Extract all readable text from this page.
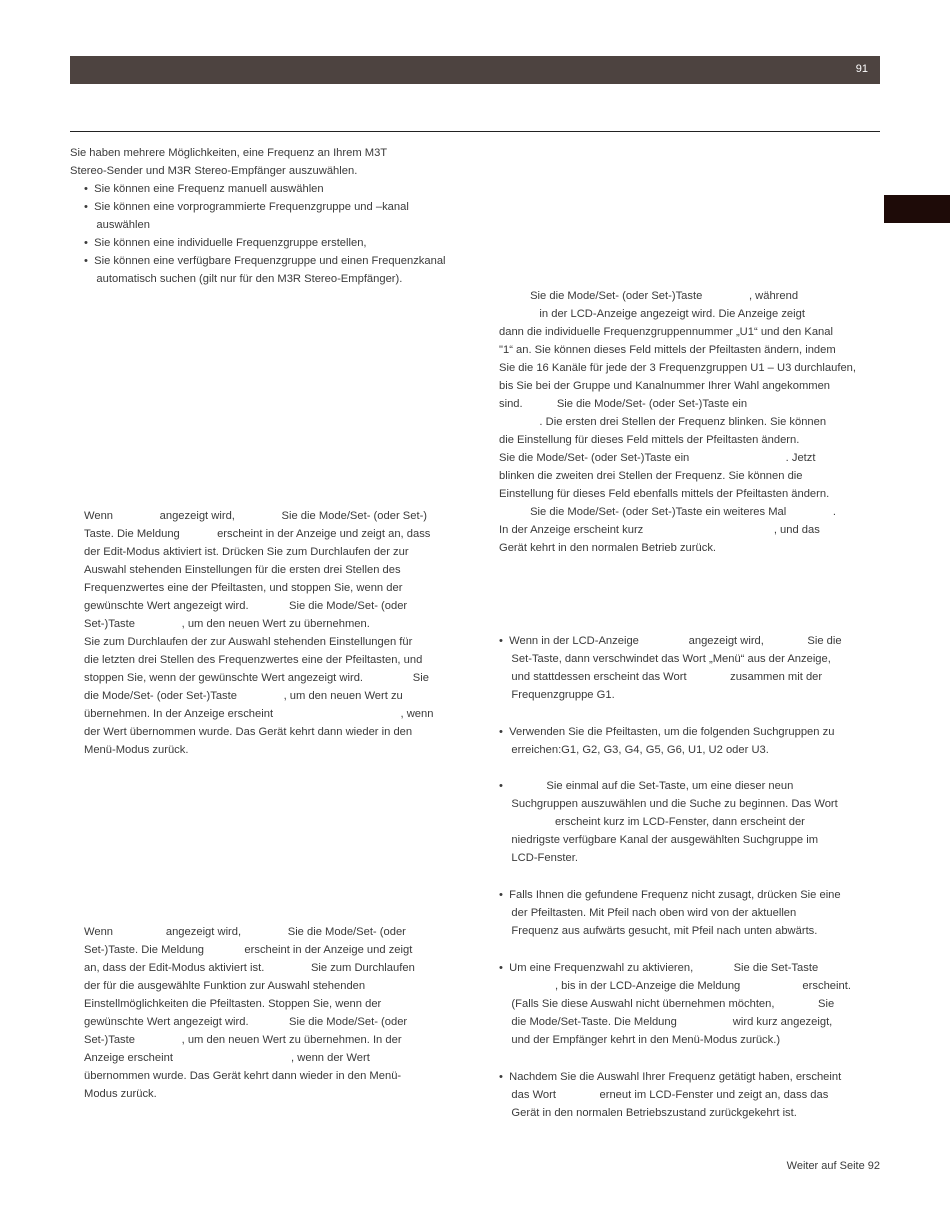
91

Sie haben mehrere Möglichkeiten, eine Frequenz an Ihrem M3T

Stereo-Sender und M3R Stereo-Empfänger auszuwählen.

•  Sie können eine Frequenz manuell auswählen

•  Sie können eine vorprogrammierte Frequenzgruppe und –kanal

auswählen

•  Sie können eine individuelle Frequenzgruppe erstellen,

•  Sie können eine verfügbare Frequenzgruppe und einen Frequenzkanal

automatisch suchen (gilt nur für den M3R Stereo-Empfänger).

Wenn               angezeigt wird,               Sie die Mode/Set- (oder Set-)

Taste. Die Meldung            erscheint in der Anzeige und zeigt an, dass

der Edit-Modus aktiviert ist. Drücken Sie zum Durchlaufen der zur

Auswahl stehenden Einstellungen für die ersten drei Stellen des

Frequenzwertes eine der Pfeiltasten, und stoppen Sie, wenn der

gewünschte Wert angezeigt wird.             Sie die Mode/Set- (oder

Set-)Taste               , um den neuen Wert zu übernehmen.

Sie zum Durchlaufen der zur Auswahl stehenden Einstellungen für

die letzten drei Stellen des Frequenzwertes eine der Pfeiltasten, und

stoppen Sie, wenn der gewünschte Wert angezeigt wird.                Sie

die Mode/Set- (oder Set-)Taste               , um den neuen Wert zu

übernehmen. In der Anzeige erscheint                                         , wenn

der Wert übernommen wurde. Das Gerät kehrt dann wieder in den

Menü-Modus zurück.

Wenn                 angezeigt wird,               Sie die Mode/Set- (oder

Set-)Taste. Die Meldung             erscheint in der Anzeige und zeigt

an, dass der Edit-Modus aktiviert ist.               Sie zum Durchlaufen

der für die ausgewählte Funktion zur Auswahl stehenden

Einstellmöglichkeiten die Pfeiltasten. Stoppen Sie, wenn der

gewünschte Wert angezeigt wird.             Sie die Mode/Set- (oder

Set-)Taste               , um den neuen Wert zu übernehmen. In der

Anzeige erscheint                                      , wenn der Wert

übernommen wurde. Das Gerät kehrt dann wieder in den Menü-

Modus zurück.

Sie die Mode/Set- (oder Set-)Taste               , während

in der LCD-Anzeige angezeigt wird. Die Anzeige zeigt

dann die individuelle Frequenzgruppennummer „U1“ und den Kanal

"1“ an. Sie können dieses Feld mittels der Pfeiltasten ändern, indem

Sie die 16 Kanäle für jede der 3 Frequenzgruppen U1 – U3 durchlaufen,

bis Sie bei der Gruppe und Kanalnummer Ihrer Wahl angekommen

sind.           Sie die Mode/Set- (oder Set-)Taste ein

. Die ersten drei Stellen der Frequenz blinken. Sie können

die Einstellung für dieses Feld mittels der Pfeiltasten ändern.

Sie die Mode/Set- (oder Set-)Taste ein                               . Jetzt

blinken die zweiten drei Stellen der Frequenz. Sie können die

Einstellung für dieses Feld ebenfalls mittels der Pfeiltasten ändern.

Sie die Mode/Set- (oder Set-)Taste ein weiteres Mal               .

In der Anzeige erscheint kurz                                          , und das

Gerät kehrt in den normalen Betrieb zurück.

•  Wenn in der LCD-Anzeige                angezeigt wird,              Sie die

Set-Taste, dann verschwindet das Wort „Menü“ aus der Anzeige,

und stattdessen erscheint das Wort              zusammen mit der

Frequenzgruppe G1.

•  Verwenden Sie die Pfeiltasten, um die folgenden Suchgruppen zu

erreichen:G1, G2, G3, G4, G5, G6, U1, U2 oder U3.

•              Sie einmal auf die Set-Taste, um eine dieser neun

Suchgruppen auszuwählen und die Suche zu beginnen. Das Wort

erscheint kurz im LCD-Fenster, dann erscheint der

niedrigste verfügbare Kanal der ausgewählten Suchgruppe im

LCD-Fenster.

•  Falls Ihnen die gefundene Frequenz nicht zusagt, drücken Sie eine

der Pfeiltasten. Mit Pfeil nach oben wird von der aktuellen

Frequenz aus aufwärts gesucht, mit Pfeil nach unten abwärts.

•  Um eine Frequenzwahl zu aktivieren,             Sie die Set-Taste

, bis in der LCD-Anzeige die Meldung                    erscheint.

(Falls Sie diese Auswahl nicht übernehmen möchten,              Sie

die Mode/Set-Taste. Die Meldung                  wird kurz angezeigt,

und der Empfänger kehrt in den Menü-Modus zurück.)

•  Nachdem Sie die Auswahl Ihrer Frequenz getätigt haben, erscheint

das Wort              erneut im LCD-Fenster und zeigt an, dass das

Gerät in den normalen Betriebszustand zurückgekehrt ist.

Weiter auf Seite 92
